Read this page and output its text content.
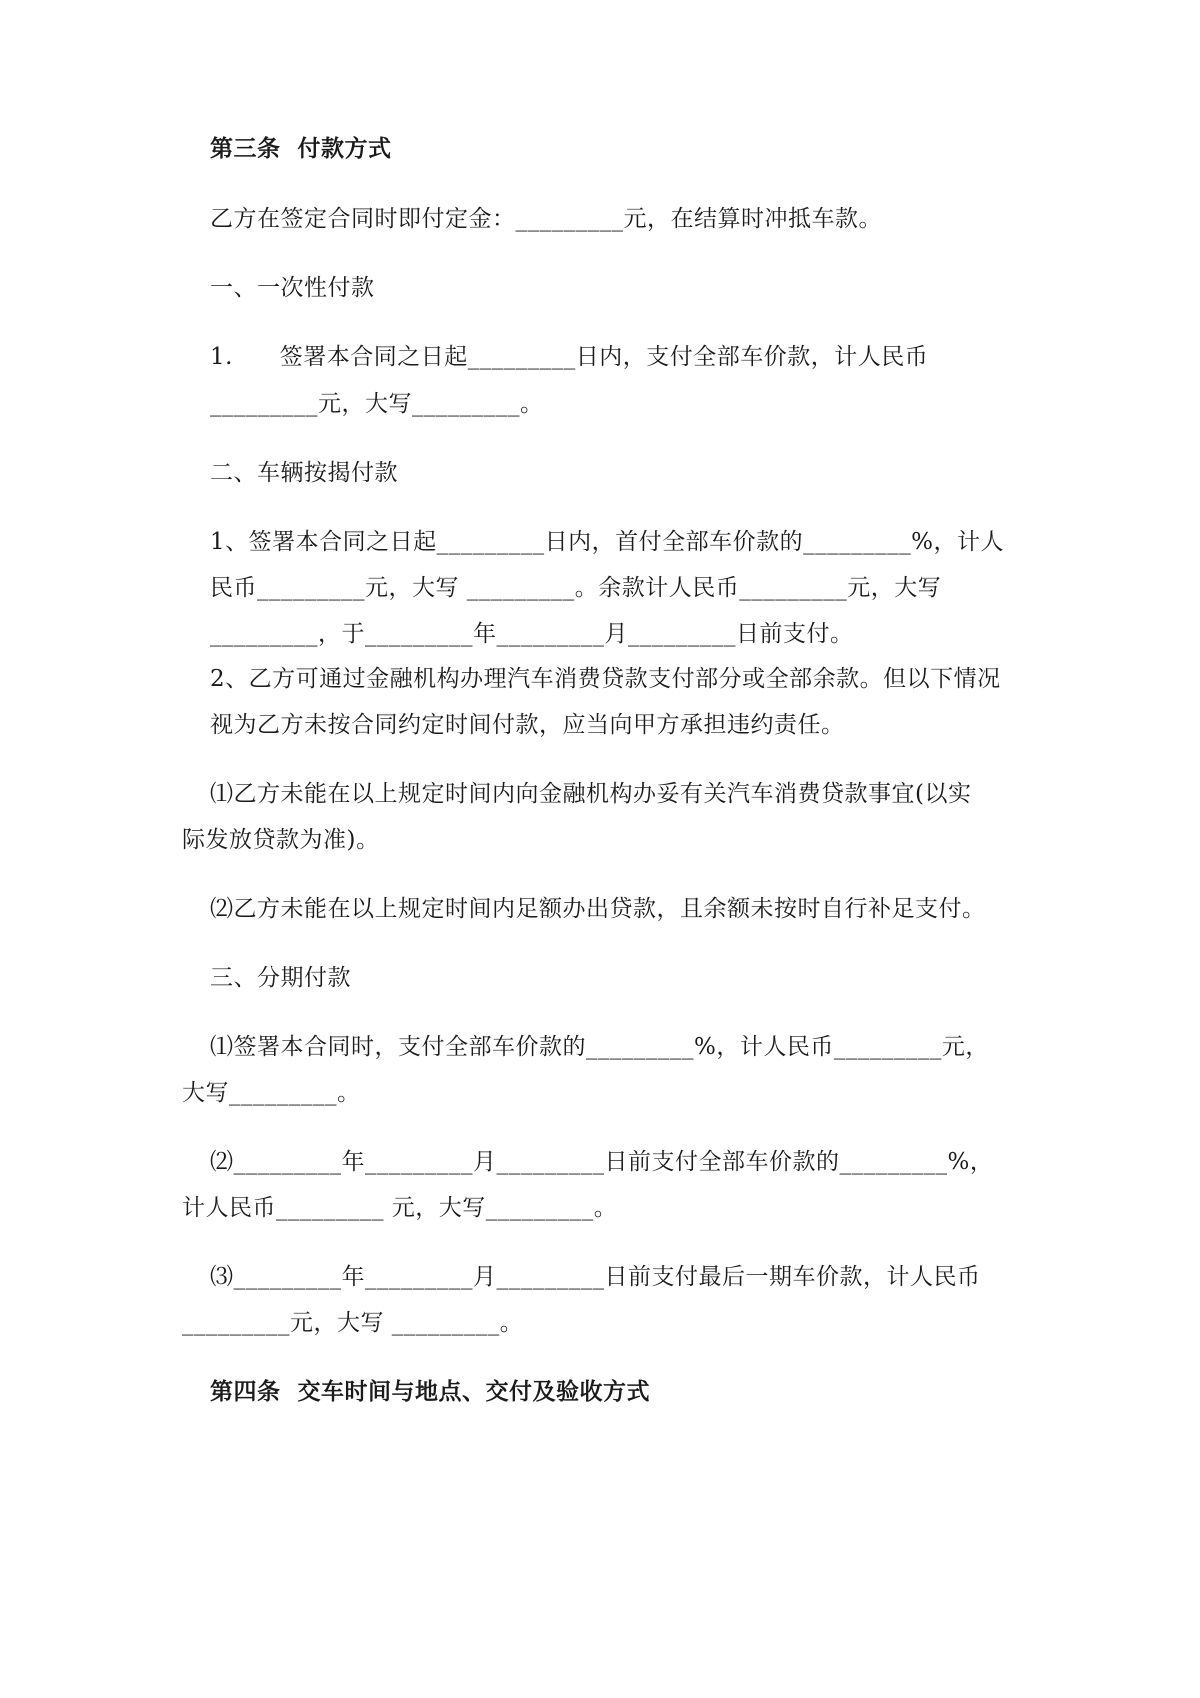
第三条  付款方式
乙方在签定合同时即付定金：_________元，在结算时冲抵车款。
一、一次性付款
1.      签署本合同之日起_________日内，支付全部车价款，计人民币
_________元，大写_________。
二、车辆按揭付款
1、签署本合同之日起_________日内，首付全部车价款的_________%，计人
民币_________元，大写 _________。余款计人民币_________元，大写
_________，于_________年_________月_________日前支付。
2、乙方可通过金融机构办理汽车消费贷款支付部分或全部余款。但以下情况
视为乙方未按合同约定时间付款，应当向甲方承担违约责任。
⑴乙方未能在以上规定时间内向金融机构办妥有关汽车消费贷款事宜(以实
际发放贷款为准)。
⑵乙方未能在以上规定时间内足额办出贷款，且余额未按时自行补足支付。
三、分期付款
⑴签署本合同时，支付全部车价款的_________%，计人民币_________元，
大写_________。
⑵_________年_________月_________日前支付全部车价款的_________%，
计人民币_________ 元，大写_________。
⑶_________年_________月_________日前支付最后一期车价款，计人民币
_________元，大写 _________。
第四条  交车时间与地点、交付及验收方式
